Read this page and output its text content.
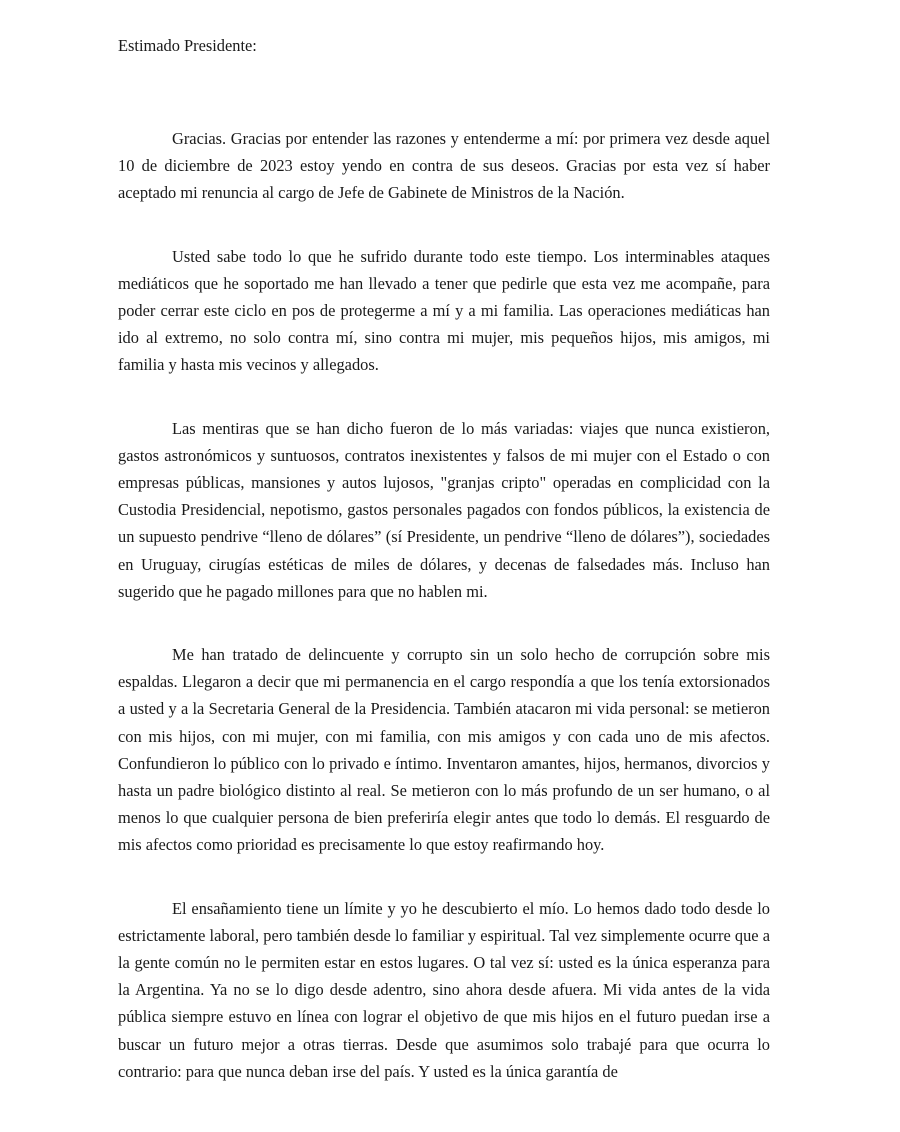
Estimado Presidente:

Gracias. Gracias por entender las razones y entenderme a mí: por primera vez desde aquel 10 de diciembre de 2023 estoy yendo en contra de sus deseos. Gracias por esta vez sí haber aceptado mi renuncia al cargo de Jefe de Gabinete de Ministros de la Nación.

Usted sabe todo lo que he sufrido durante todo este tiempo. Los interminables ataques mediáticos que he soportado me han llevado a tener que pedirle que esta vez me acompañe, para poder cerrar este ciclo en pos de protegerme a mí y a mi familia. Las operaciones mediáticas han ido al extremo, no solo contra mí, sino contra mi mujer, mis pequeños hijos, mis amigos, mi familia y hasta mis vecinos y allegados.

Las mentiras que se han dicho fueron de lo más variadas: viajes que nunca existieron, gastos astronómicos y suntuosos, contratos inexistentes y falsos de mi mujer con el Estado o con empresas públicas, mansiones y autos lujosos, "granjas cripto" operadas en complicidad con la Custodia Presidencial, nepotismo, gastos personales pagados con fondos públicos, la existencia de un supuesto pendrive “lleno de dólares” (sí Presidente, un pendrive “lleno de dólares”), sociedades en Uruguay, cirugías estéticas de miles de dólares, y decenas de falsedades más. Incluso han sugerido que he pagado millones para que no hablen mi.

Me han tratado de delincuente y corrupto sin un solo hecho de corrupción sobre mis espaldas. Llegaron a decir que mi permanencia en el cargo respondía a que los tenía extorsionados a usted y a la Secretaria General de la Presidencia. También atacaron mi vida personal: se metieron con mis hijos, con mi mujer, con mi familia, con mis amigos y con cada uno de mis afectos. Confundieron lo público con lo privado e íntimo. Inventaron amantes, hijos, hermanos, divorcios y hasta un padre biológico distinto al real. Se metieron con lo más profundo de un ser humano, o al menos lo que cualquier persona de bien preferiría elegir antes que todo lo demás. El resguardo de mis afectos como prioridad es precisamente lo que estoy reafirmando hoy.

El ensañamiento tiene un límite y yo he descubierto el mío. Lo hemos dado todo desde lo estrictamente laboral, pero también desde lo familiar y espiritual. Tal vez simplemente ocurre que a la gente común no le permiten estar en estos lugares. O tal vez sí: usted es la única esperanza para la Argentina. Ya no se lo digo desde adentro, sino ahora desde afuera. Mi vida antes de la vida pública siempre estuvo en línea con lograr el objetivo de que mis hijos en el futuro puedan irse a buscar un futuro mejor a otras tierras. Desde que asumimos solo trabajé para que ocurra lo contrario: para que nunca deban irse del país. Y usted es la única garantía de
